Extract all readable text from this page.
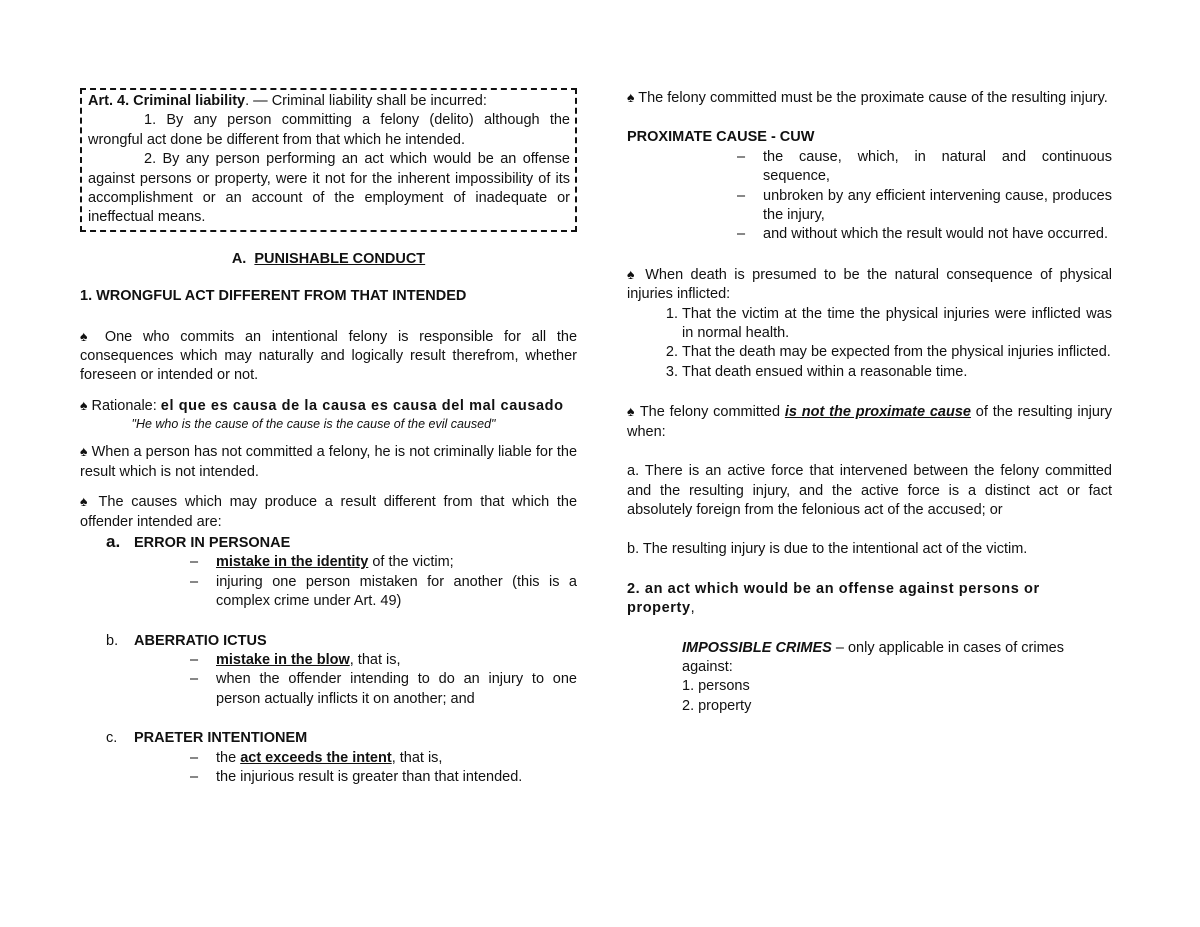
Art. 4. Criminal liability. — Criminal liability shall be incurred:

1. By any person committing a felony (delito) although the wrongful act done be different from that which he intended.

2. By any person performing an act which would be an offense against persons or property, were it not for the inherent impossibility of its accomplishment or an account of the employment of inadequate or ineffectual means.

A. PUNISHABLE CONDUCT

1. WRONGFUL ACT DIFFERENT FROM THAT INTENDED

♠ One who commits an intentional felony is responsible for all the consequences which may naturally and logically result therefrom, whether foreseen or intended or not.

♠ Rationale: el que es causa de la causa es causa del mal causado

"He who is the cause of the cause is the cause of the evil caused"

♠ When a person has not committed a felony, he is not criminally liable for the result which is not intended.

♠ The causes which may produce a result different from that which the offender intended are:

a. ERROR IN PERSONAE

– mistake in the identity of the victim;
– injuring one person mistaken for another (this is a complex crime under Art. 49)

b. ABERRATIO ICTUS

– mistake in the blow, that is,
– when the offender intending to do an injury to one person actually inflicts it on another; and

c. PRAETER INTENTIONEM

– the act exceeds the intent, that is,
– the injurious result is greater than that intended.

♠ The felony committed must be the proximate cause of the resulting injury.

PROXIMATE CAUSE - CUW

– the cause, which, in natural and continuous sequence,
– unbroken by any efficient intervening cause, produces the injury,
– and without which the result would not have occurred.

♠ When death is presumed to be the natural consequence of physical injuries inflicted:

1. That the victim at the time the physical injuries were inflicted was in normal health.
2. That the death may be expected from the physical injuries inflicted.
3. That death ensued within a reasonable time.

♠ The felony committed is not the proximate cause of the resulting injury when:

a. There is an active force that intervened between the felony committed and the resulting injury, and the active force is a distinct act or fact absolutely foreign from the felonious act of the accused; or

b. The resulting injury is due to the intentional act of the victim.

2. an act which would be an offense against persons or property,

IMPOSSIBLE CRIMES – only applicable in cases of crimes against:

1. persons

2. property
